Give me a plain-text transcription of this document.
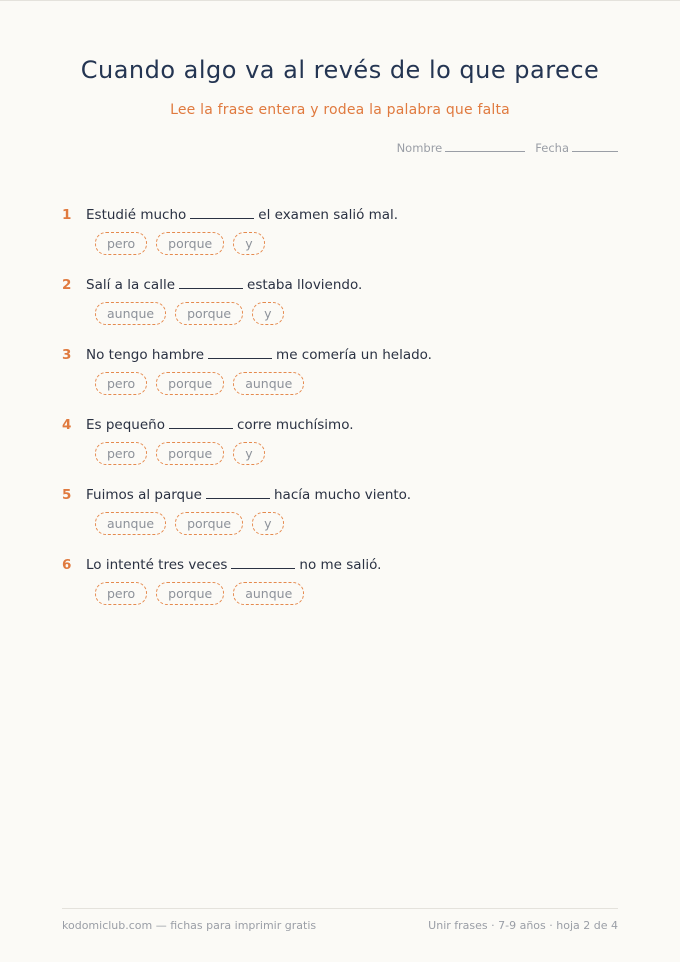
Cuando algo va al revés de lo que parece
Lee la frase entera y rodea la palabra que falta
Nombre	Fecha
1	Estudié mucho	el examen salió mal.
pero	porque	y
2	Salí a la calle	estaba lloviendo.
aunque	porque	y
3	No tengo hambre	me comería un helado.
pero	porque	aunque
4	Es pequeño	corre muchísimo.
pero	porque	y
5	Fuimos al parque	hacía mucho viento.
aunque	porque	y
6	Lo intenté tres veces	no me salió.
pero	porque	aunque
kodomiclub.com — fichas para imprimir gratis	Unir frases · 7-9 años · hoja 2 de 4
